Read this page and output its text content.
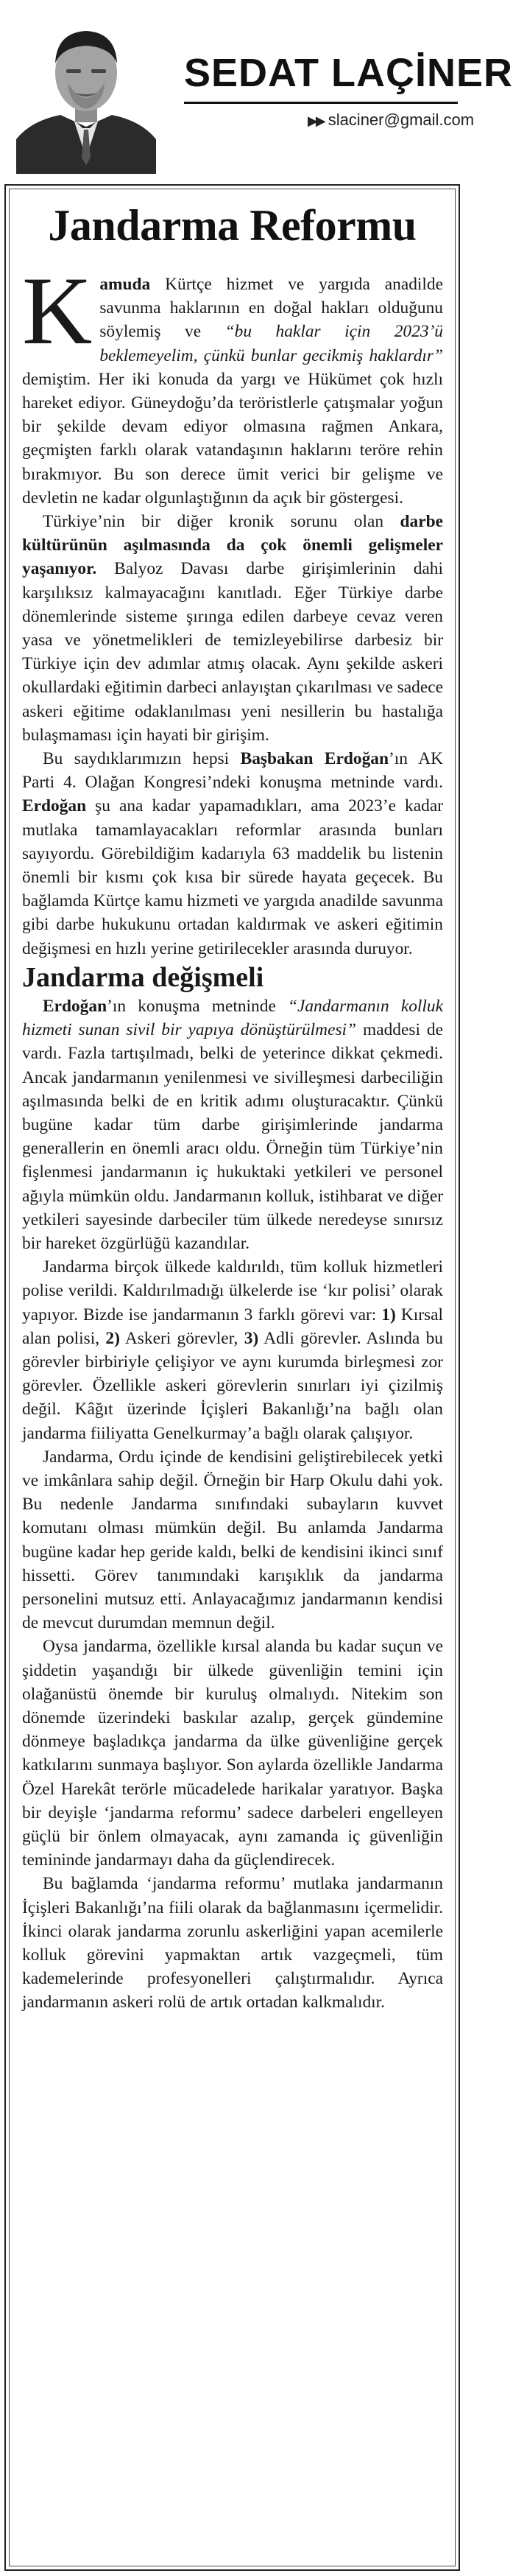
SEDAT LAÇİNER
▶▶ slaciner@gmail.com
Jandarma Reformu

Kamuda Kürtçe hizmet ve yargıda anadilde savunma haklarının en doğal hakları olduğunu söylemiş ve “bu haklar için 2023’ü beklemeyelim, çünkü bunlar gecikmiş haklardır” demiştim. Her iki konuda da yargı ve Hükümet çok hızlı hareket ediyor. Güneydoğu’da teröristlerle çatışmalar yoğun bir şekilde devam ediyor olmasına rağmen Ankara, geçmişten farklı olarak vatandaşının haklarını teröre rehin bırakmıyor. Bu son derece ümit verici bir gelişme ve devletin ne kadar olgunlaştığının da açık bir göstergesi.

Türkiye’nin bir diğer kronik sorunu olan darbe kültürünün aşılmasında da çok önemli gelişmeler yaşanıyor. Balyoz Davası darbe girişimlerinin dahi karşılıksız kalmayacağını kanıtladı. Eğer Türkiye darbe dönemlerinde sisteme şırınga edilen darbeye cevaz veren yasa ve yönetmelikleri de temizleyebilirse darbesiz bir Türkiye için dev adımlar atmış olacak. Aynı şekilde askeri okullardaki eğitimin darbeci anlayıştan çıkarılması ve sadece askeri eğitime odaklanılması yeni nesillerin bu hastalığa bulaşmaması için hayati bir girişim.

Bu saydıklarımızın hepsi Başbakan Erdoğan’ın AK Parti 4. Olağan Kongresi’ndeki konuşma metninde vardı. Erdoğan şu ana kadar yapamadıkları, ama 2023’e kadar mutlaka tamamlayacakları reformlar arasında bunları sayıyordu. Görebildiğim kadarıyla 63 maddelik bu listenin önemli bir kısmı çok kısa bir sürede hayata geçecek. Bu bağlamda Kürtçe kamu hizmeti ve yargıda anadilde savunma gibi darbe hukukunu ortadan kaldırmak ve askeri eğitimin değişmesi en hızlı yerine getirilecekler arasında duruyor.

Jandarma değişmeli

Erdoğan’ın konuşma metninde “Jandarmanın kolluk hizmeti sunan sivil bir yapıya dönüştürülmesi” maddesi de vardı. Fazla tartışılmadı, belki de yeterince dikkat çekmedi. Ancak jandarmanın yenilenmesi ve sivilleşmesi darbeciliğin aşılmasında belki de en kritik adımı oluşturacaktır. Çünkü bugüne kadar tüm darbe girişimlerinde jandarma generallerin en önemli aracı oldu. Örneğin tüm Türkiye’nin fişlenmesi jandarmanın iç hukuktaki yetkileri ve personel ağıyla mümkün oldu. Jandarmanın kolluk, istihbarat ve diğer yetkileri sayesinde darbeciler tüm ülkede neredeyse sınırsız bir hareket özgürlüğü kazandılar.

Jandarma birçok ülkede kaldırıldı, tüm kolluk hizmetleri polise verildi. Kaldırılmadığı ülkelerde ise ‘kır polisi’ olarak yapıyor. Bizde ise jandarmanın 3 farklı görevi var: 1) Kırsal alan polisi, 2) Askeri görevler, 3) Adli görevler. Aslında bu görevler birbiriyle çelişiyor ve aynı kurumda birleşmesi zor görevler. Özellikle askeri görevlerin sınırları iyi çizilmiş değil. Kâğıt üzerinde İçişleri Bakanlığı’na bağlı olan jandarma fiiliyatta Genelkurmay’a bağlı olarak çalışıyor.

Jandarma, Ordu içinde de kendisini geliştirebilecek yetki ve imkânlara sahip değil. Örneğin bir Harp Okulu dahi yok. Bu nedenle Jandarma sınıfındaki subayların kuvvet komutanı olması mümkün değil. Bu anlamda Jandarma bugüne kadar hep geride kaldı, belki de kendisini ikinci sınıf hissetti. Görev tanımındaki karışıklık da jandarma personelini mutsuz etti. Anlayacağımız jandarmanın kendisi de mevcut durumdan memnun değil.

Oysa jandarma, özellikle kırsal alanda bu kadar suçun ve şiddetin yaşandığı bir ülkede güvenliğin temini için olağanüstü önemde bir kuruluş olmalıydı. Nitekim son dönemde üzerindeki baskılar azalıp, gerçek gündemine dönmeye başladıkça jandarma da ülke güvenliğine gerçek katkılarını sunmaya başlıyor. Son aylarda özellikle Jandarma Özel Harekât terörle mücadelede harikalar yaratıyor. Başka bir deyişle ‘jandarma reformu’ sadece darbeleri engelleyen güçlü bir önlem olmayacak, aynı zamanda iç güvenliğin temininde jandarmayı daha da güçlendirecek.

Bu bağlamda ‘jandarma reformu’ mutlaka jandarmanın İçişleri Bakanlığı’na fiili olarak da bağlanmasını içermelidir. İkinci olarak jandarma zorunlu askerliğini yapan acemilerle kolluk görevini yapmaktan artık vazgeçmeli, tüm kademelerinde profesyonelleri çalıştırmalıdır. Ayrıca jandarmanın askeri rolü de artık ortadan kalkmalıdır.
